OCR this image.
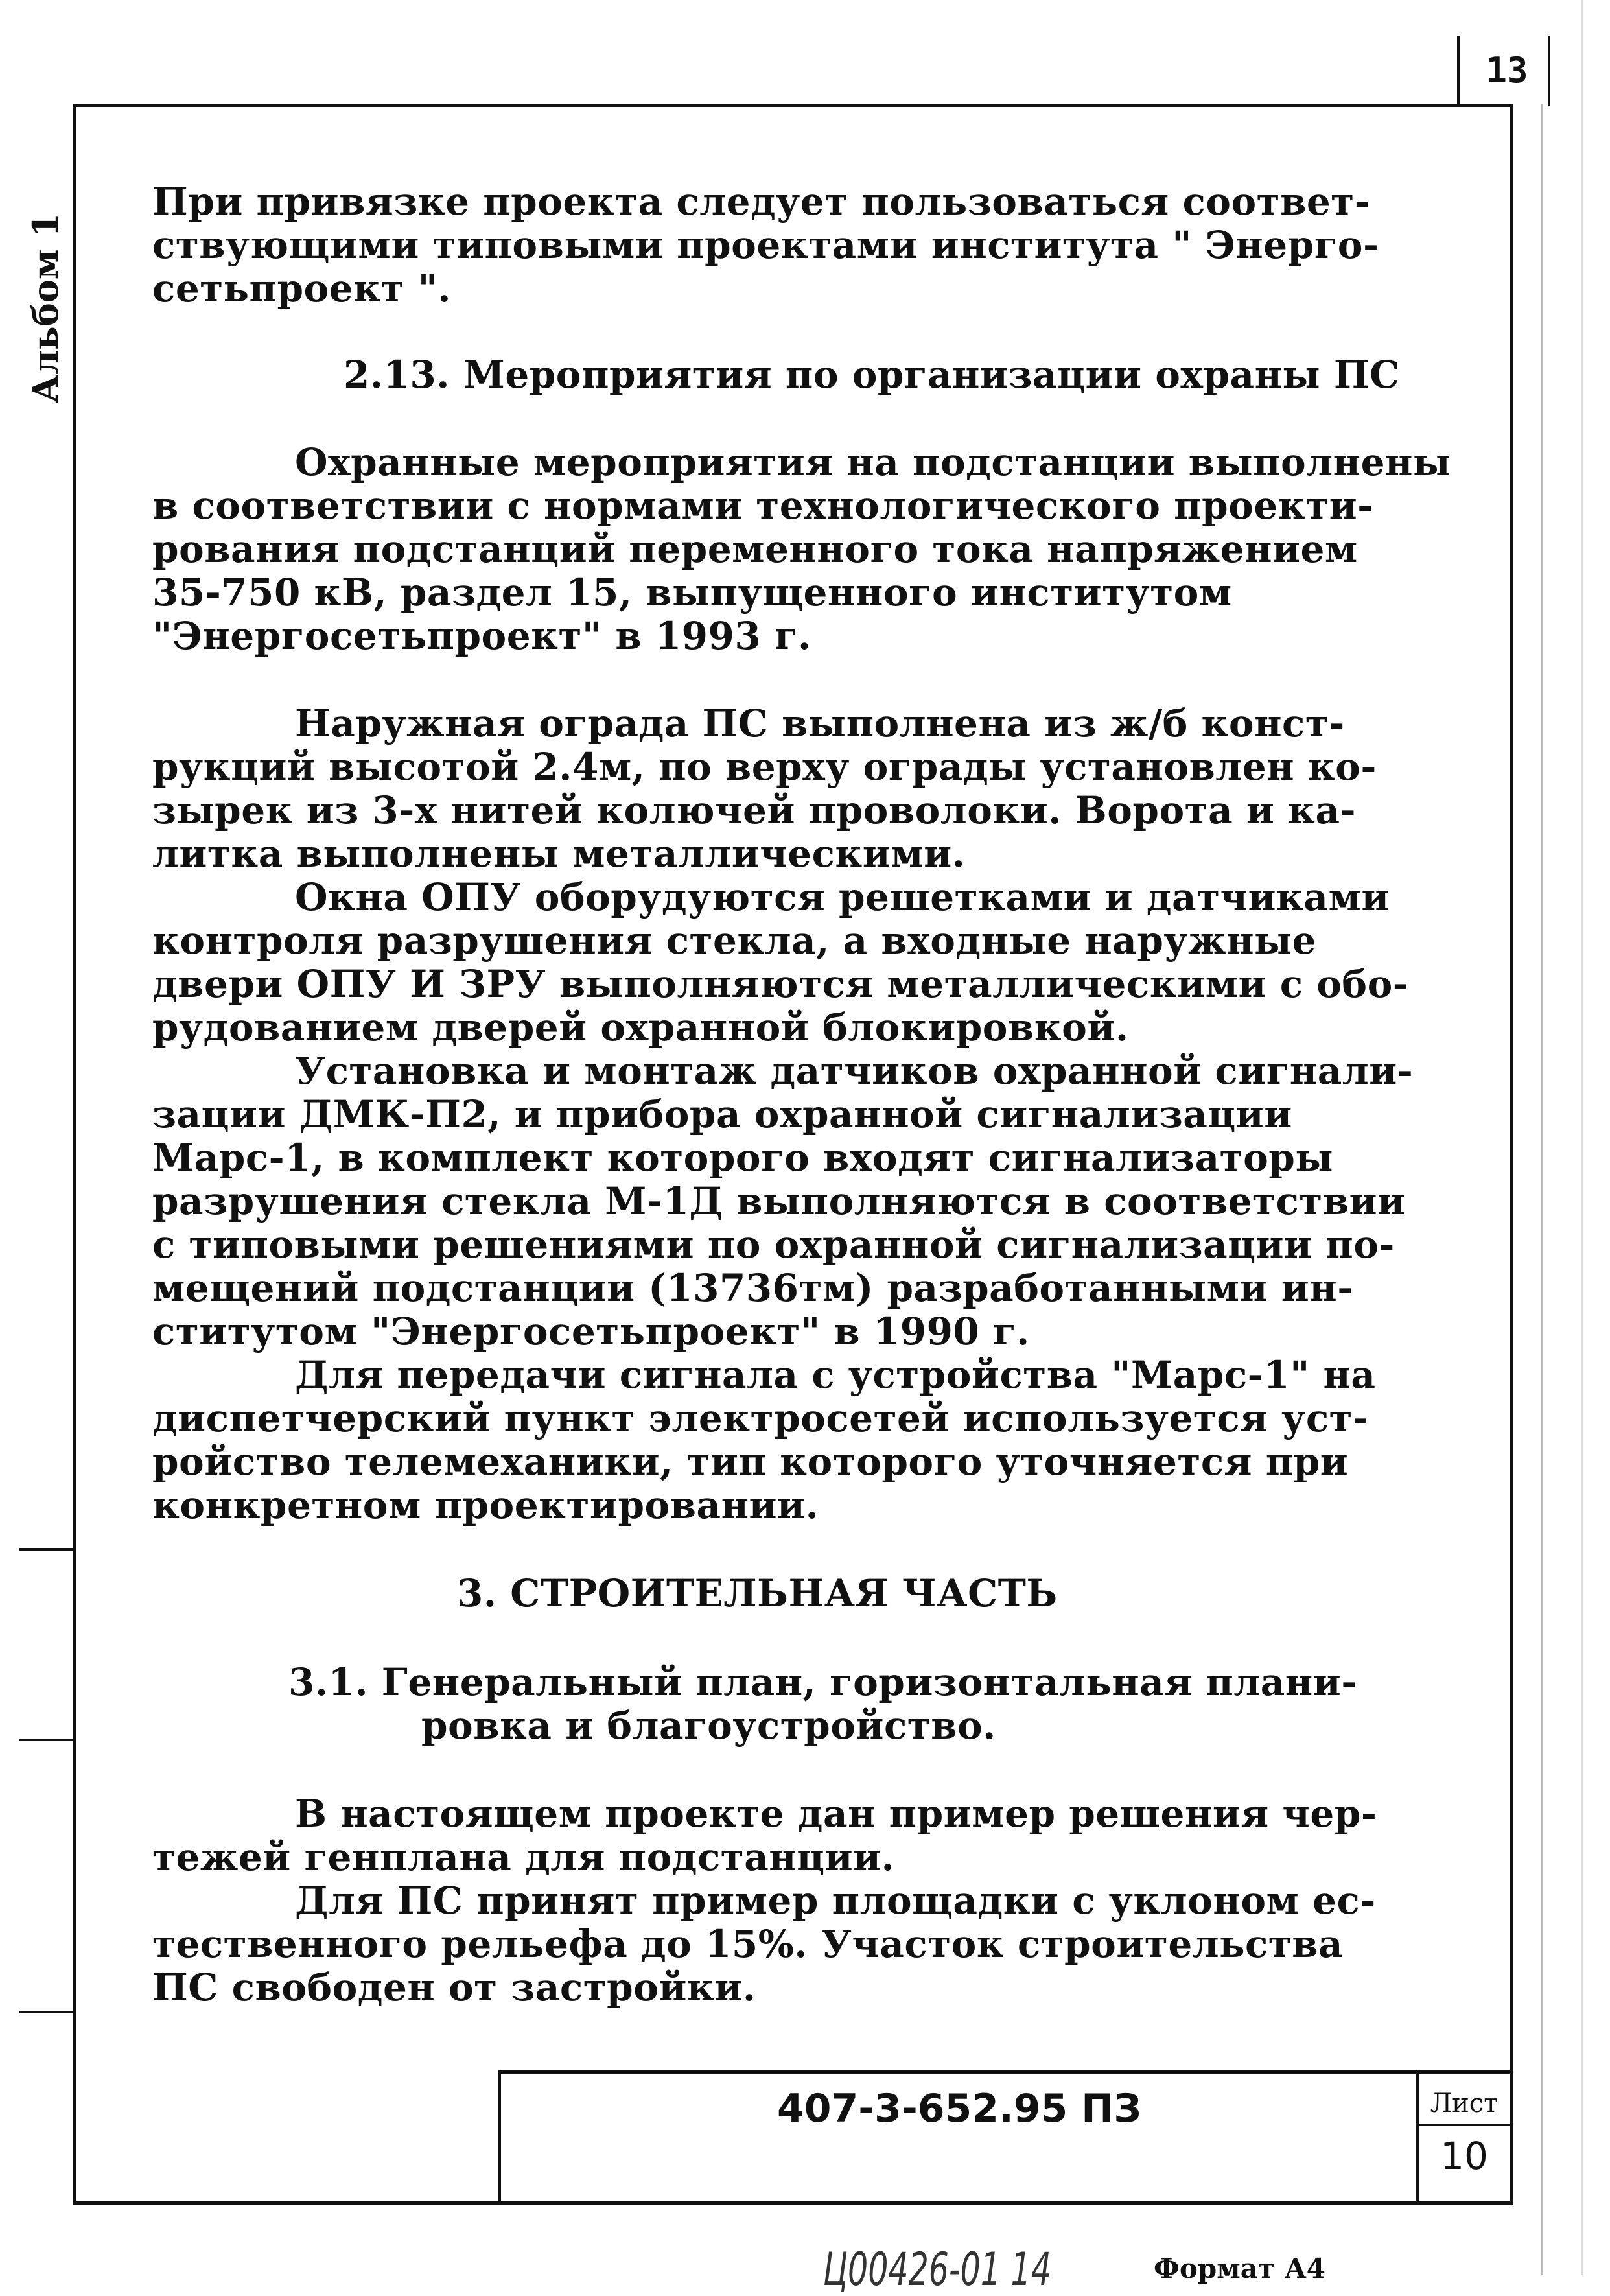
13
Альбом 1
При привязке проекта следует пользоваться соответ-
ствующими типовыми проектами института " Энерго-
сетьпроект ".
2.13. Мероприятия по организации охраны ПС
Охранные мероприятия на подстанции выполнены
в соответствии с нормами технологического проекти-
рования подстанций переменного тока напряжением
35-750 кВ, раздел 15, выпущенного институтом
"Энергосетьпроект" в 1993 г.
Наружная ограда ПС выполнена из ж/б конст-
рукций высотой 2.4м, по верху ограды установлен ко-
зырек из 3-х нитей колючей проволоки. Ворота и ка-
литка выполнены металлическими.
Окна ОПУ оборудуются решетками и датчиками
контроля разрушения стекла, а входные наружные
двери ОПУ И ЗРУ выполняются металлическими с обо-
рудованием дверей охранной блокировкой.
Установка и монтаж датчиков охранной сигнали-
зации ДМК-П2, и прибора охранной сигнализации
Марс-1, в комплект которого входят сигнализаторы
разрушения стекла М-1Д выполняются в соответствии
с типовыми решениями по охранной сигнализации по-
мещений подстанции (13736тм) разработанными ин-
ститутом "Энергосетьпроект" в 1990 г.
Для передачи сигнала с устройства "Марс-1" на
диспетчерский пункт электросетей используется уст-
ройство телемеханики, тип которого уточняется при
конкретном проектировании.
3. СТРОИТЕЛЬНАЯ ЧАСТЬ
3.1. Генеральный план, горизонтальная плани-
ровка и благоустройство.
В настоящем проекте дан пример решения чер-
тежей генплана для подстанции.
Для ПС принят пример площадки с уклоном ес-
тественного рельефа до 15%. Участок строительства
ПС свободен от застройки.
407-3-652.95 ПЗ	Лист
10
Ц00426-01 14	Формат А4
